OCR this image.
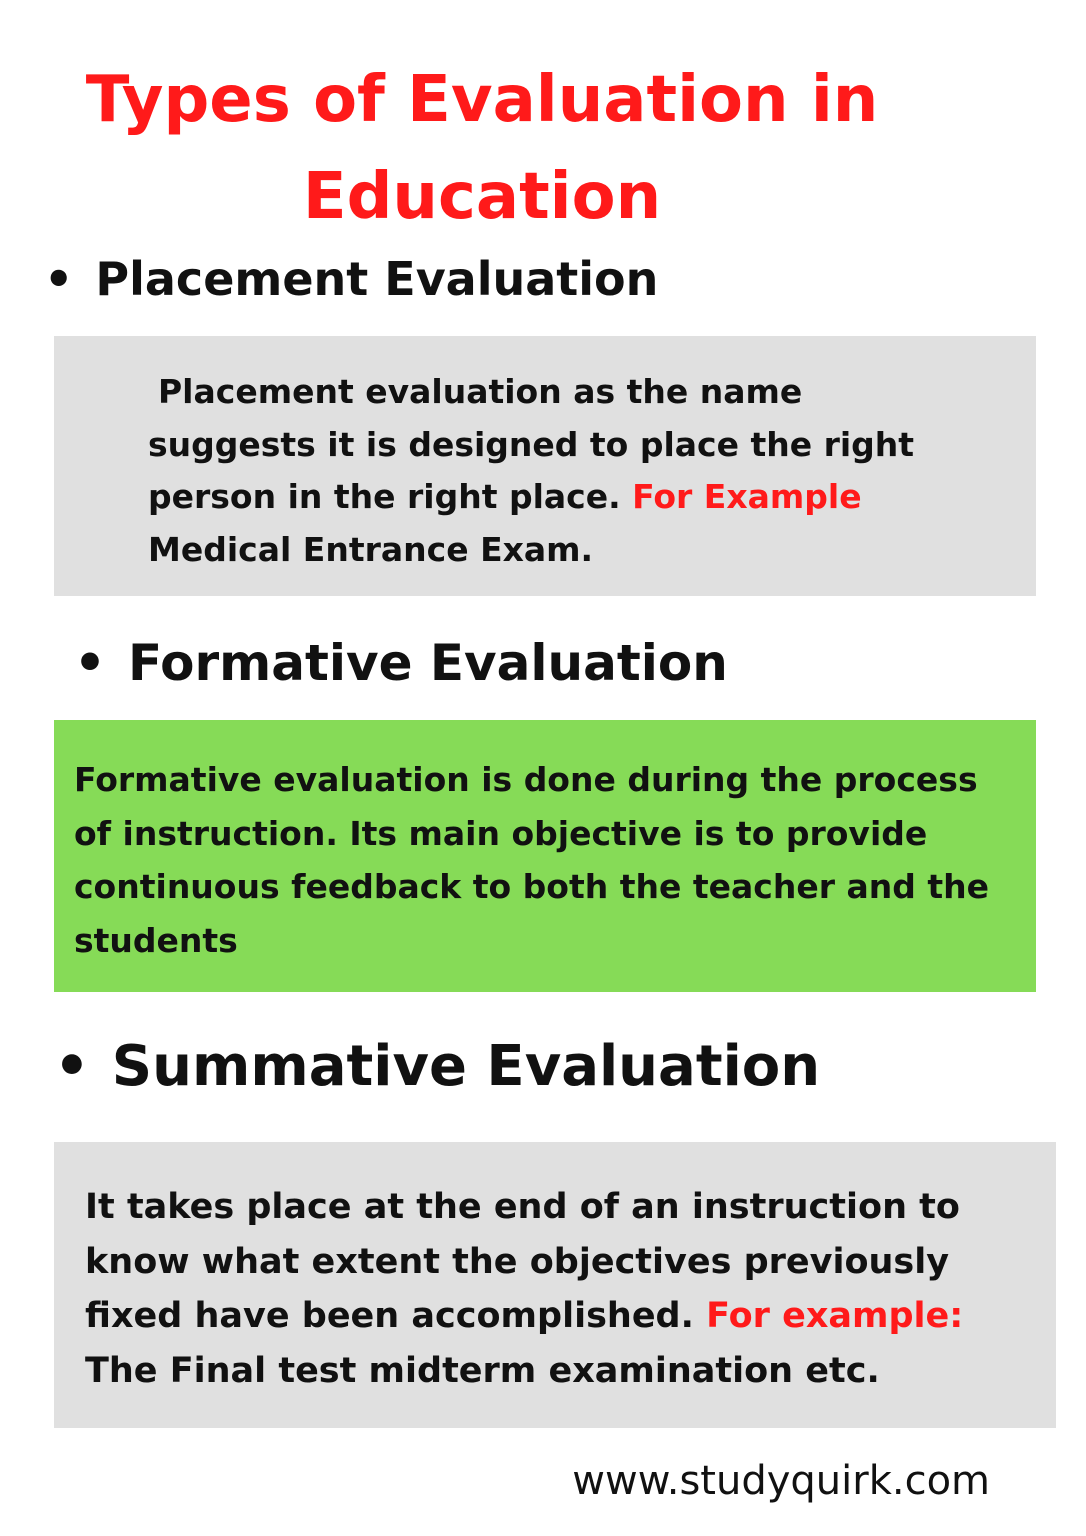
Types of Evaluation in
Education
• Placement Evaluation

Placement evaluation as the name suggests it is designed to place the right person in the right place. For Example Medical Entrance Exam.

• Formative Evaluation

Formative evaluation is done during the process of instruction. Its main objective is to provide continuous feedback to both the teacher and the students

• Summative Evaluation

It takes place at the end of an instruction to know what extent the objectives previously fixed have been accomplished. For example: The Final test midterm examination etc.

www.studyquirk.com
